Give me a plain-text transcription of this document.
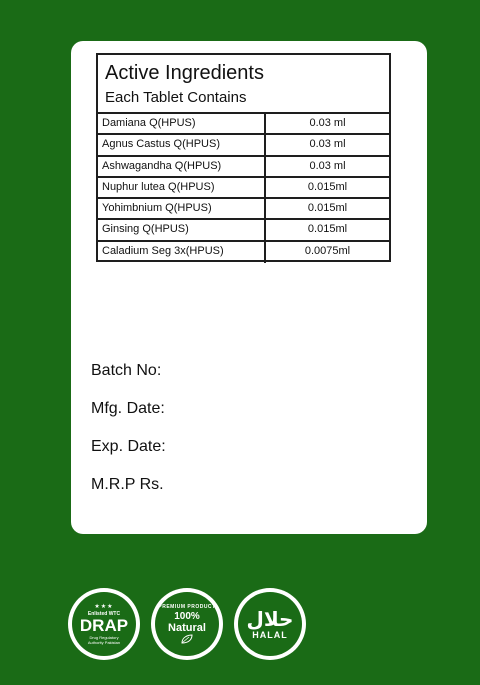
Active Ingredients
Each Tablet Contains
Damiana Q(HPUS)	0.03 ml
Agnus Castus Q(HPUS)	0.03 ml
Ashwagandha Q(HPUS)	0.03 ml
Nuphur lutea Q(HPUS)	0.015ml
Yohimbnium Q(HPUS)	0.015ml
Ginsing Q(HPUS)	0.015ml
Caladium Seg 3x(HPUS)	0.0075ml
Batch No:
Mfg. Date:
Exp. Date:
M.R.P Rs.
★★★
Enlisted WTC
DRAP
Drug Regulatory
Authority Pakistan
PREMIUM PRODUCT
100%
Natural حلال
HALAL
